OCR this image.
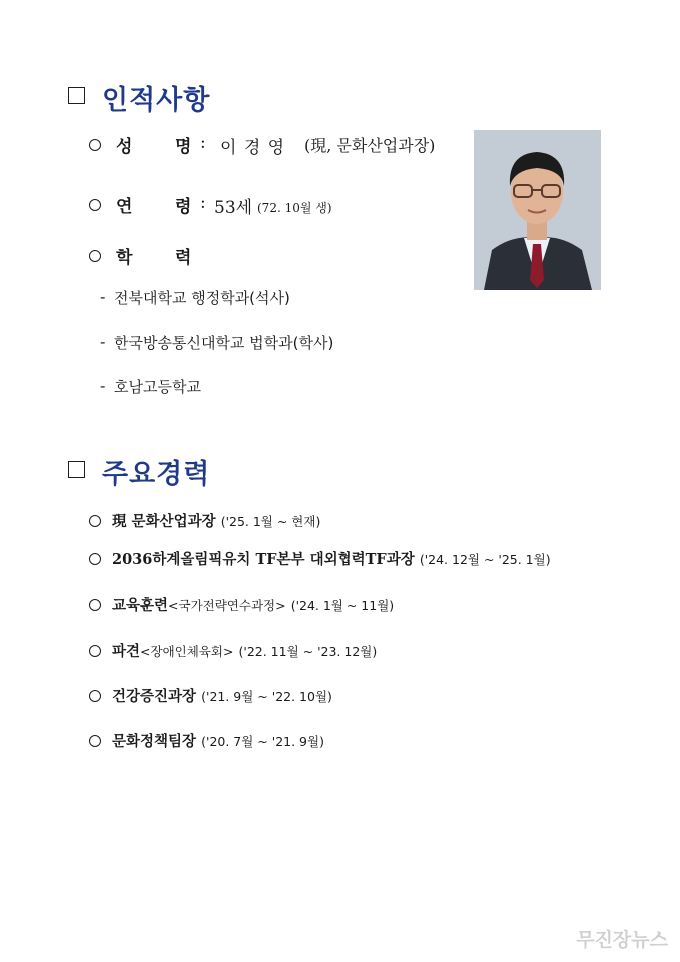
인적사항
성	명 : 이 경 영 (現, 문화산업과장)
연	령 : 53세 (72. 10월 생)
학	력
- 전북대학교 행정학과(석사)
- 한국방송통신대학교 법학과(학사)
- 호남고등학교
주요경력
現 문화산업과장 ('25. 1월 ~ 현재)
2036하계올림픽유치 TF본부 대외협력TF과장 ('24. 12월 ~ '25. 1월)
교육훈련<국가전략연수과정> ('24. 1월 ~ 11월)
파견<장애인체육회> ('22. 11월 ~ '23. 12월)
건강증진과장 ('21. 9월 ~ '22. 10월)
문화정책팀장 ('20. 7월 ~ '21. 9월)
무진장뉴스
